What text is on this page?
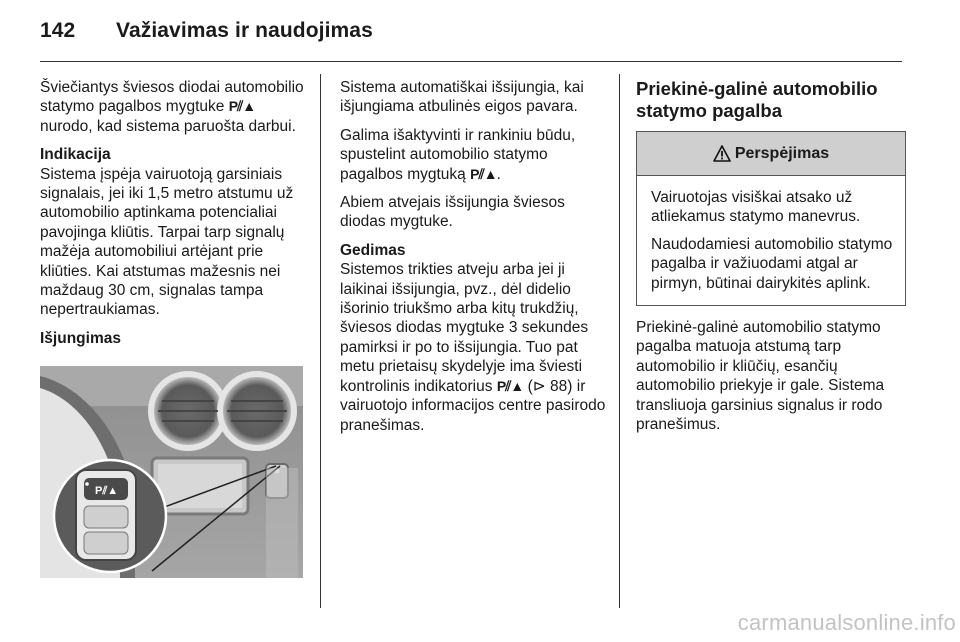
142 Važiavimas ir naudojimas

Šviečiantys šviesos diodai automobilio statymo pagalbos mygtuke P⫽▲ nurodo, kad sistema paruošta darbui.

Indikacija
Sistema įspėja vairuotoją garsiniais signalais, jei iki 1,5 metro atstumu už automobilio aptinkama potencialiai pavojinga kliūtis. Tarpai tarp signalų mažėja automobiliui artėjant prie kliūties. Kai atstumas mažesnis nei maždaug 30 cm, signalas tampa nepertraukiamas.

Išjungimas

P⫽▲

Sistema automatiškai išsijungia, kai išjungiama atbulinės eigos pavara.

Galima išaktyvinti ir rankiniu būdu, spustelint automobilio statymo pagalbos mygtuką P⫽▲.

Abiem atvejais išsijungia šviesos diodas mygtuke.

Gedimas
Sistemos trikties atveju arba jei ji laikinai išsijungia, pvz., dėl didelio išorinio triukšmo arba kitų trukdžių, šviesos diodas mygtuke 3 sekundes pamirksi ir po to išsijungia. Tuo pat metu prietaisų skydelyje ima šviesti kontrolinis indikatorius P⫽▲ (⊳ 88) ir vairuotojo informacijos centre pasirodo pranešimas.

Priekinė-galinė automobilio statymo pagalba
Perspėjimas

Vairuotojas visiškai atsako už atliekamus statymo manevrus.

Naudodamiesi automobilio statymo pagalba ir važiuodami atgal ar pirmyn, būtinai dairykitės aplink.

Priekinė-galinė automobilio statymo pagalba matuoja atstumą tarp automobilio ir kliūčių, esančių automobilio priekyje ir gale. Sistema transliuoja garsinius signalus ir rodo pranešimus.

carmanualsonline.info
